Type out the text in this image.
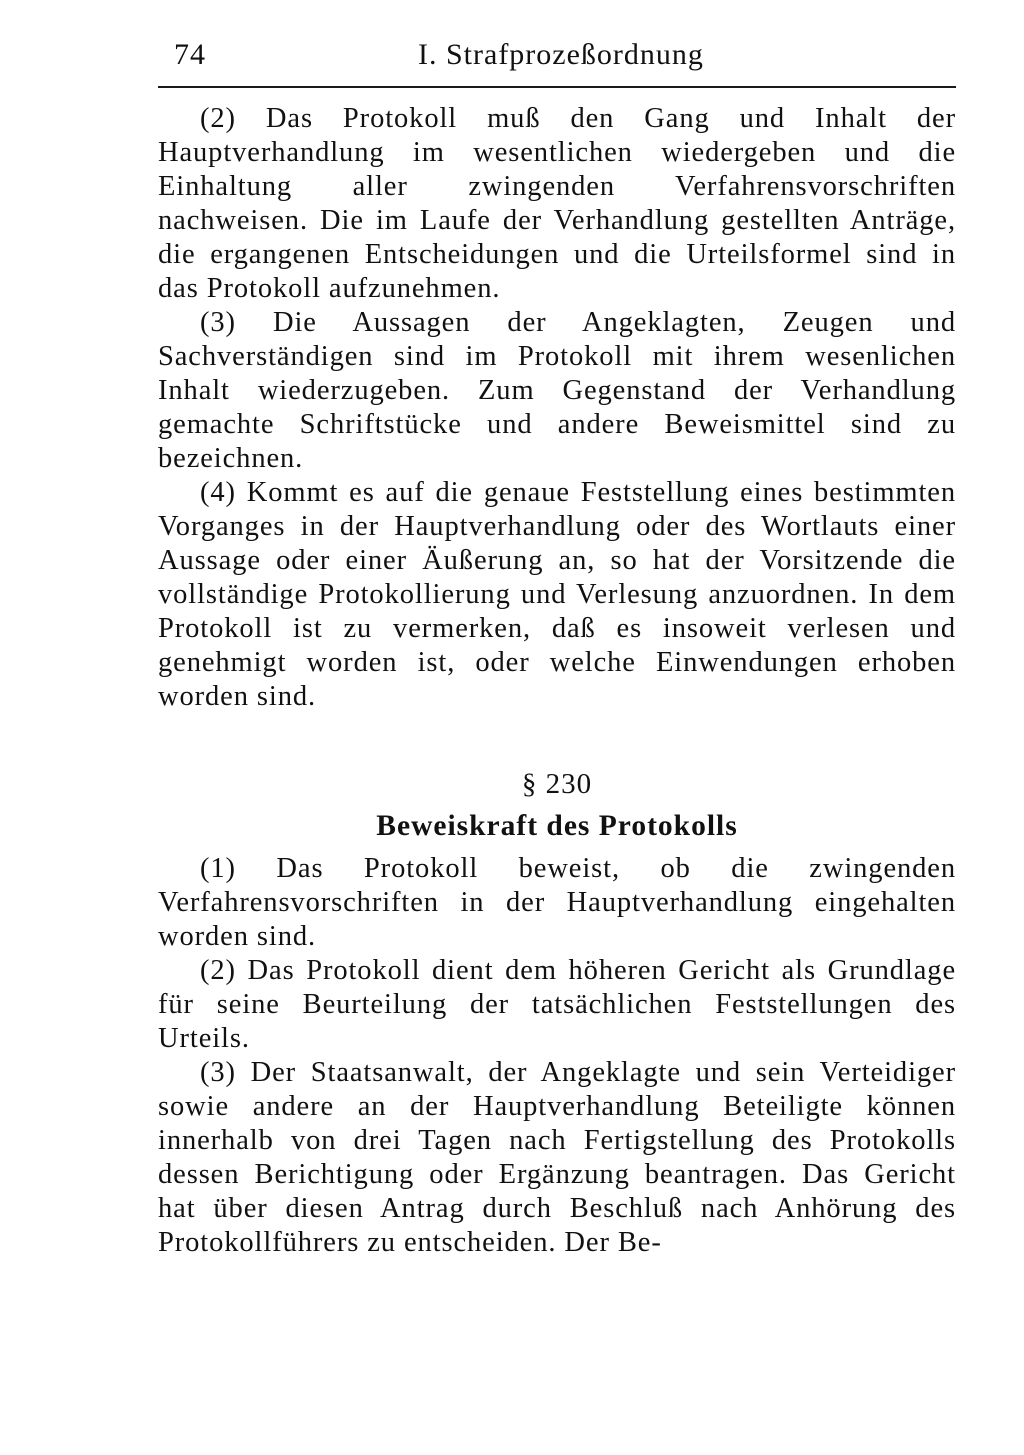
74	I. Strafprozeßordnung

(2) Das Protokoll muß den Gang und Inhalt der Hauptverhandlung im wesentlichen wiedergeben und die Einhaltung aller zwingenden Verfahrensvorschriften nachweisen. Die im Laufe der Verhandlung gestellten Anträge, die ergangenen Entscheidungen und die Urteilsformel sind in das Protokoll aufzunehmen.

(3) Die Aussagen der Angeklagten, Zeugen und Sachverständigen sind im Protokoll mit ihrem wesenlichen Inhalt wiederzugeben. Zum Gegenstand der Verhandlung gemachte Schriftstücke und andere Beweismittel sind zu bezeichnen.

(4) Kommt es auf die genaue Feststellung eines bestimmten Vorganges in der Hauptverhandlung oder des Wortlauts einer Aussage oder einer Äußerung an, so hat der Vorsitzende die vollständige Protokollierung und Verlesung anzuordnen. In dem Protokoll ist zu vermerken, daß es insoweit verlesen und genehmigt worden ist, oder welche Einwendungen erhoben worden sind.

§ 230
Beweiskraft des Protokolls

(1) Das Protokoll beweist, ob die zwingenden Verfahrensvorschriften in der Hauptverhandlung eingehalten worden sind.

(2) Das Protokoll dient dem höheren Gericht als Grundlage für seine Beurteilung der tatsächlichen Feststellungen des Urteils.

(3) Der Staatsanwalt, der Angeklagte und sein Verteidiger sowie andere an der Hauptverhandlung Beteiligte können innerhalb von drei Tagen nach Fertigstellung des Protokolls dessen Berichtigung oder Ergänzung beantragen. Das Gericht hat über diesen Antrag durch Beschluß nach Anhörung des Protokollführers zu entscheiden. Der Be-
